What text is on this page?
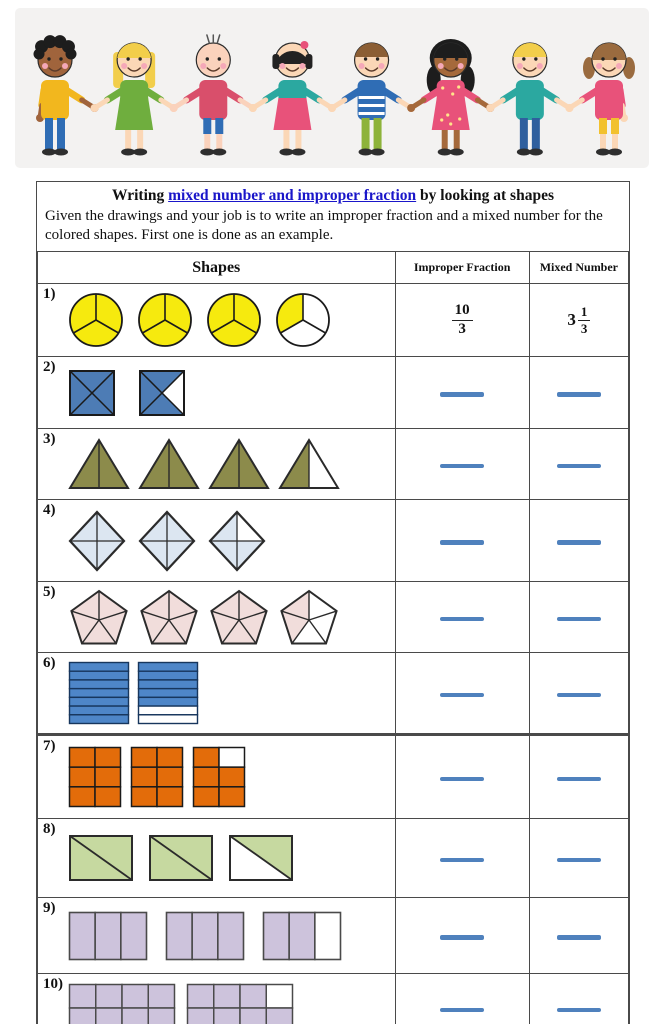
Writing mixed number and improper fraction by looking at shapes
Given the drawings and your job is to write an improper fraction and a mixed number for the colored shapes. First one is done as an example.
Shapes	Improper Fraction	Mixed Number

1)	$\frac{10}{3}$	$3 \frac{1}{3}$

2)		

3)		

4)		

5)		

6)		

7)		

8)		

9)		

10)		
